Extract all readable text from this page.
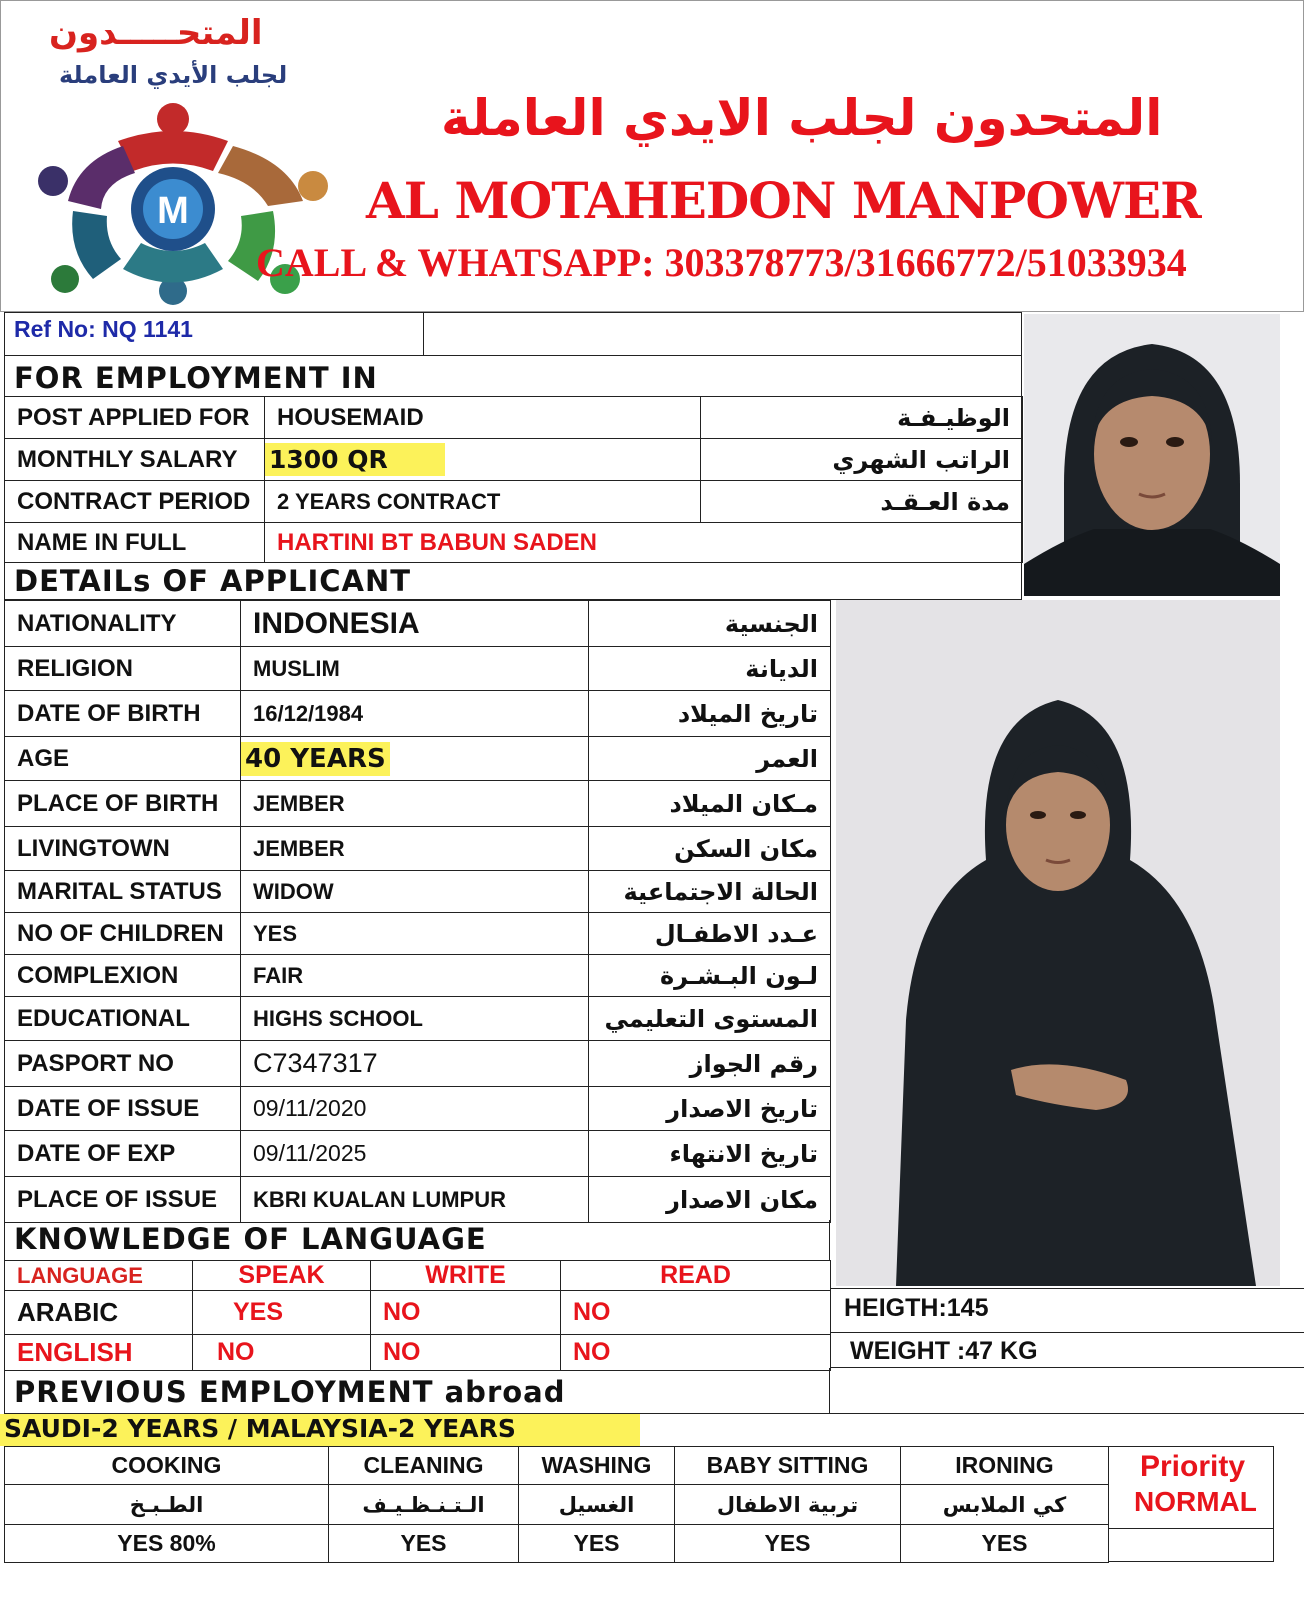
المتحـــــدون
لجلب الأيدي العاملة
M
المتحدون لجلب الايدي العاملة
AL MOTAHEDON MANPOWER
CALL & WHATSAPP: 303378773/31666772/51033934
Ref No: NQ 1141
FOR EMPLOYMENT IN
POST APPLIED FOR	HOUSEMAID	الوظيـفـة
MONTHLY SALARY	1300 QR	الراتب الشهري
CONTRACT PERIOD	2 YEARS CONTRACT	مدة العـقـد
NAME IN FULL	HARTINI BT BABUN SADEN	
DETAILs OF APPLICANT
NATIONALITY	INDONESIA	الجنسية
RELIGION	MUSLIM	الديانة
DATE OF BIRTH	16/12/1984	تاريخ الميلاد
AGE	40 YEARS	العمر
PLACE OF BIRTH	JEMBER	مـكان الميلاد
LIVINGTOWN	JEMBER	مكان السكن
MARITAL STATUS	WIDOW	الحالة الاجتماعية
NO OF CHILDREN	YES	عـدد الاطفـال
COMPLEXION	FAIR	لـون البـشـرة
EDUCATIONAL	HIGHS SCHOOL	المستوى التعليمي
PASPORT NO	C7347317	رقم الجواز
DATE OF ISSUE	09/11/2020	تاريخ الاصدار
DATE OF EXP	09/11/2025	تاريخ الانتهاء
PLACE OF ISSUE	KBRI KUALAN LUMPUR	مكان الاصدار
KNOWLEDGE OF LANGUAGE
LANGUAGE	SPEAK	WRITE	READ
ARABIC	YES	NO	NO
ENGLISH	NO	NO	NO
HEIGTH:145
WEIGHT :47 KG
PREVIOUS EMPLOYMENT abroad
SAUDI-2 YEARS / MALAYSIA-2 YEARS
COOKING	CLEANING	WASHING	BABY SITTING	IRONING
الطـبـخ	الـتـنـظـيـف	الغسيل	تربية الاطفال	كي الملابس
YES 80%	YES	YES	YES	YES
Priority
NORMAL
